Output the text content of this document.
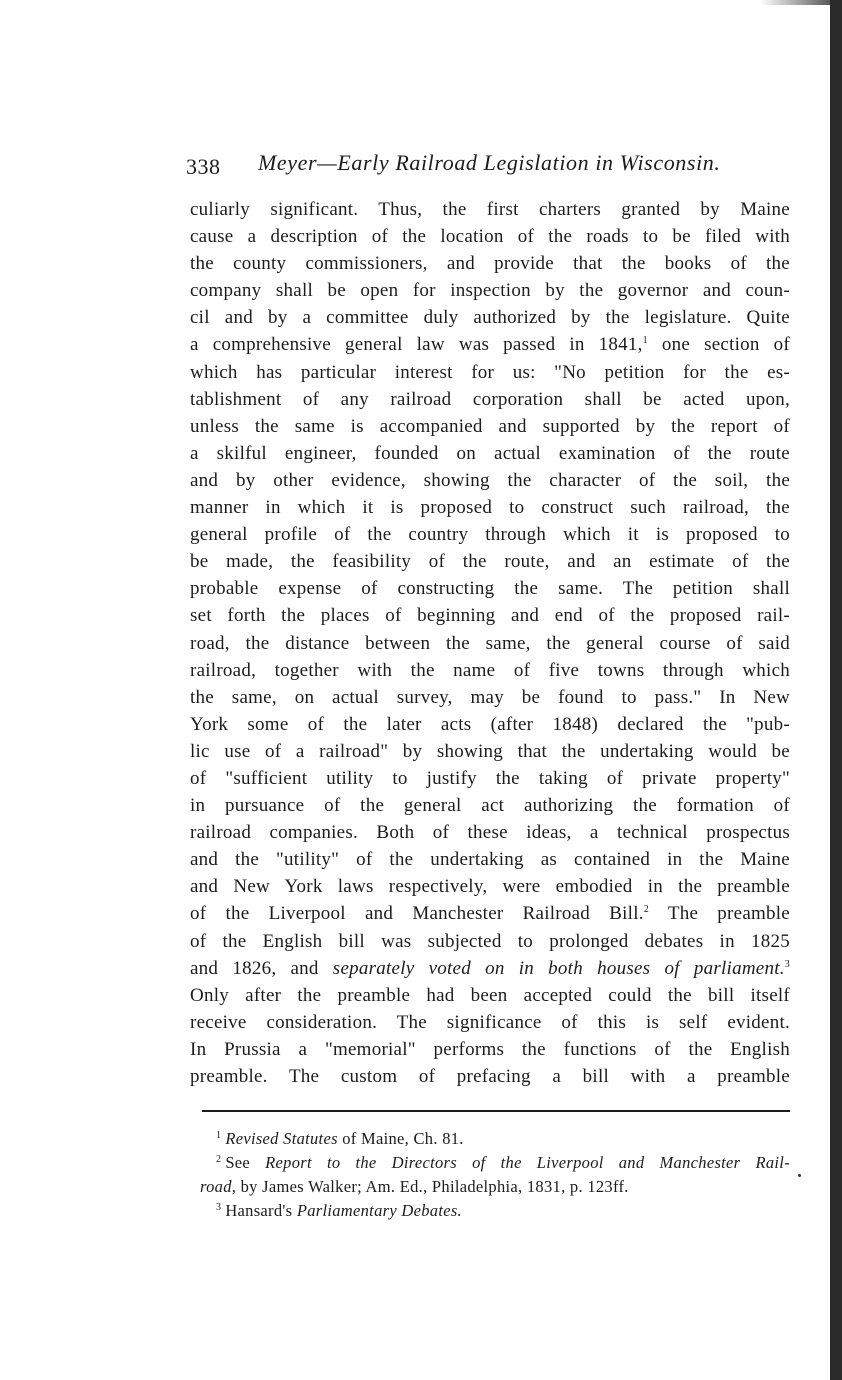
338 Meyer—Early Railroad Legislation in Wisconsin.
culiarly significant. Thus, the first charters granted by Maine
cause a description of the location of the roads to be filed with
the county commissioners, and provide that the books of the
company shall be open for inspection by the governor and coun-
cil and by a committee duly authorized by the legislature. Quite
a comprehensive general law was passed in 1841,$^1$ one section of
which has particular interest for us: "No petition for the es-
tablishment of any railroad corporation shall be acted upon,
unless the same is accompanied and supported by the report of
a skilful engineer, founded on actual examination of the route
and by other evidence, showing the character of the soil, the
manner in which it is proposed to construct such railroad, the
general profile of the country through which it is proposed to
be made, the feasibility of the route, and an estimate of the
probable expense of constructing the same. The petition shall
set forth the places of beginning and end of the proposed rail-
road, the distance between the same, the general course of said
railroad, together with the name of five towns through which
the same, on actual survey, may be found to pass." In New
York some of the later acts (after 1848) declared the "pub-
lic use of a railroad" by showing that the undertaking would be
of "sufficient utility to justify the taking of private property"
in pursuance of the general act authorizing the formation of
railroad companies. Both of these ideas, a technical prospectus
and the "utility" of the undertaking as contained in the Maine
and New York laws respectively, were embodied in the preamble
of the Liverpool and Manchester Railroad Bill.$^2$ The preamble
of the English bill was subjected to prolonged debates in 1825
and 1826, and separately voted on in both houses of parliament.$^3$
Only after the preamble had been accepted could the bill itself
receive consideration. The significance of this is self evident.
In Prussia a "memorial" performs the functions of the English
preamble. The custom of prefacing a bill with a preamble
$^1$ Revised Statutes of Maine, Ch. 81.
$^2$ See Report to the Directors of the Liverpool and Manchester Rail-
road, by James Walker; Am. Ed., Philadelphia, 1831, p. 123ff.
$^3$ Hansard's Parliamentary Debates.
